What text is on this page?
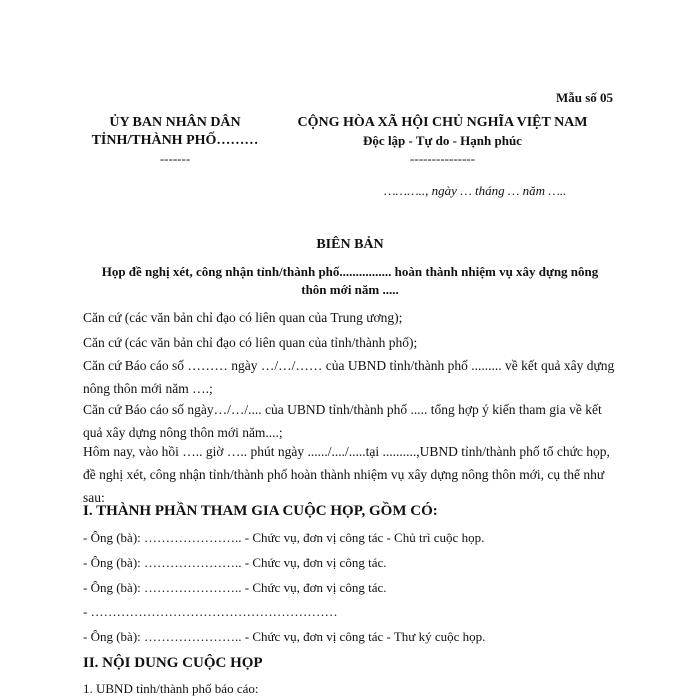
Mẫu số 05
ỦY BAN NHÂN DÂN
TỈNH/THÀNH PHỐ………
-------
CỘNG HÒA XÃ HỘI CHỦ NGHĨA VIỆT NAM
Độc lập - Tự do - Hạnh phúc
---------------
……….., ngày … tháng … năm …..
BIÊN BẢN
Họp đề nghị xét, công nhận tỉnh/thành phố................ hoàn thành nhiệm vụ xây dựng nông
thôn mới năm .....
Căn cứ (các văn bản chỉ đạo có liên quan của Trung ương);
Căn cứ (các văn bản chỉ đạo có liên quan của tỉnh/thành phố);
Căn cứ Báo cáo số ……… ngày …/…/…… của UBND tỉnh/thành phố ......... về kết quả xây dựng nông thôn mới năm ….;
Căn cứ Báo cáo số ngày…/…/.... của UBND tỉnh/thành phố ..... tổng hợp ý kiến tham gia về kết quả xây dựng nông thôn mới năm....;
Hôm nay, vào hồi ….. giờ ….. phút ngày ....../..../.....tại ..........,UBND tỉnh/thành phố tổ chức họp, đề nghị xét, công nhận tỉnh/thành phố hoàn thành nhiệm vụ xây dựng nông thôn mới, cụ thể như sau:
I. THÀNH PHẦN THAM GIA CUỘC HỌP, GỒM CÓ:
- Ông (bà): ………………….. - Chức vụ, đơn vị công tác - Chủ trì cuộc họp.
- Ông (bà): ………………….. - Chức vụ, đơn vị công tác.
- Ông (bà): ………………….. - Chức vụ, đơn vị công tác.
- …………………………………………………
- Ông (bà): ………………….. - Chức vụ, đơn vị công tác - Thư ký cuộc họp.
II. NỘI DUNG CUỘC HỌP
1. UBND tỉnh/thành phố báo cáo:
